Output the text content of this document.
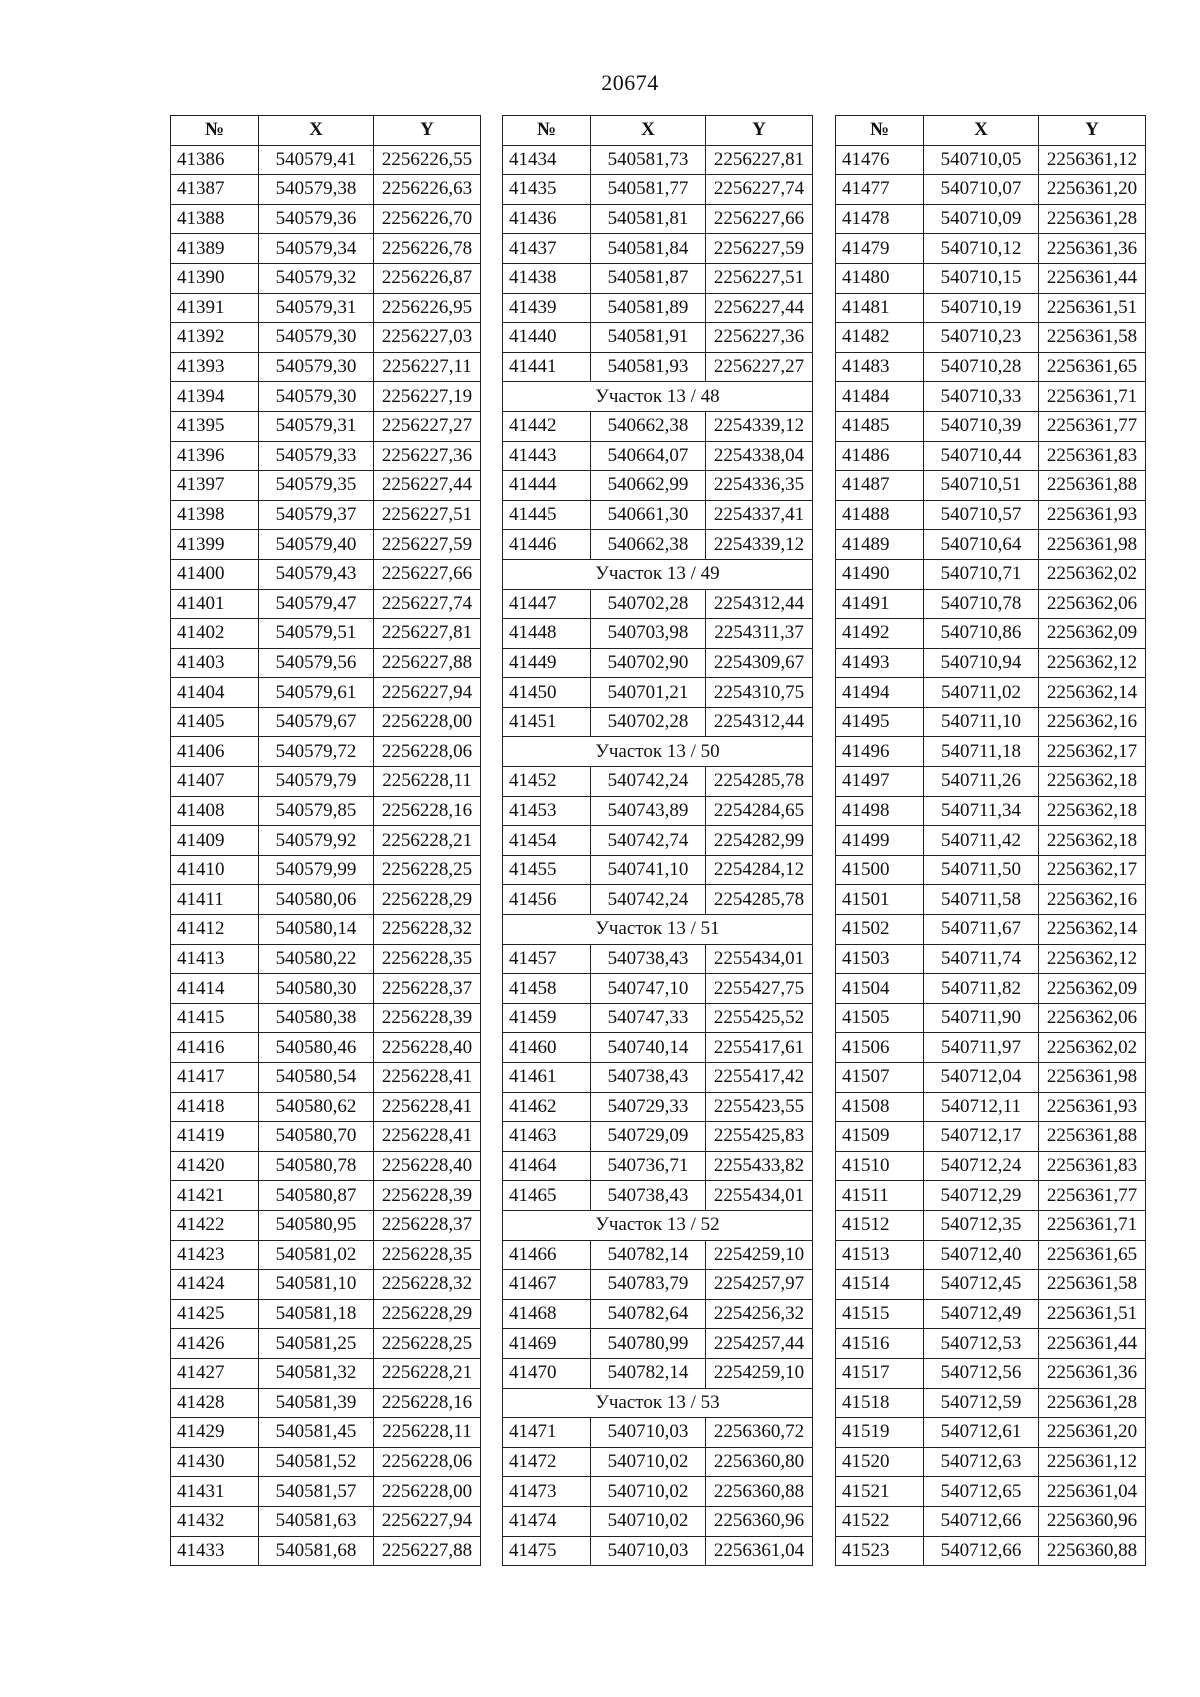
20674
№	X	Y
41386	540579,41	2256226,55
41387	540579,38	2256226,63
41388	540579,36	2256226,70
41389	540579,34	2256226,78
41390	540579,32	2256226,87
41391	540579,31	2256226,95
41392	540579,30	2256227,03
41393	540579,30	2256227,11
41394	540579,30	2256227,19
41395	540579,31	2256227,27
41396	540579,33	2256227,36
41397	540579,35	2256227,44
41398	540579,37	2256227,51
41399	540579,40	2256227,59
41400	540579,43	2256227,66
41401	540579,47	2256227,74
41402	540579,51	2256227,81
41403	540579,56	2256227,88
41404	540579,61	2256227,94
41405	540579,67	2256228,00
41406	540579,72	2256228,06
41407	540579,79	2256228,11
41408	540579,85	2256228,16
41409	540579,92	2256228,21
41410	540579,99	2256228,25
41411	540580,06	2256228,29
41412	540580,14	2256228,32
41413	540580,22	2256228,35
41414	540580,30	2256228,37
41415	540580,38	2256228,39
41416	540580,46	2256228,40
41417	540580,54	2256228,41
41418	540580,62	2256228,41
41419	540580,70	2256228,41
41420	540580,78	2256228,40
41421	540580,87	2256228,39
41422	540580,95	2256228,37
41423	540581,02	2256228,35
41424	540581,10	2256228,32
41425	540581,18	2256228,29
41426	540581,25	2256228,25
41427	540581,32	2256228,21
41428	540581,39	2256228,16
41429	540581,45	2256228,11
41430	540581,52	2256228,06
41431	540581,57	2256228,00
41432	540581,63	2256227,94
41433	540581,68	2256227,88
№	X	Y
41434	540581,73	2256227,81
41435	540581,77	2256227,74
41436	540581,81	2256227,66
41437	540581,84	2256227,59
41438	540581,87	2256227,51
41439	540581,89	2256227,44
41440	540581,91	2256227,36
41441	540581,93	2256227,27
Участок 13 / 48		
41442	540662,38	2254339,12
41443	540664,07	2254338,04
41444	540662,99	2254336,35
41445	540661,30	2254337,41
41446	540662,38	2254339,12
Участок 13 / 49		
41447	540702,28	2254312,44
41448	540703,98	2254311,37
41449	540702,90	2254309,67
41450	540701,21	2254310,75
41451	540702,28	2254312,44
Участок 13 / 50		
41452	540742,24	2254285,78
41453	540743,89	2254284,65
41454	540742,74	2254282,99
41455	540741,10	2254284,12
41456	540742,24	2254285,78
Участок 13 / 51		
41457	540738,43	2255434,01
41458	540747,10	2255427,75
41459	540747,33	2255425,52
41460	540740,14	2255417,61
41461	540738,43	2255417,42
41462	540729,33	2255423,55
41463	540729,09	2255425,83
41464	540736,71	2255433,82
41465	540738,43	2255434,01
Участок 13 / 52		
41466	540782,14	2254259,10
41467	540783,79	2254257,97
41468	540782,64	2254256,32
41469	540780,99	2254257,44
41470	540782,14	2254259,10
Участок 13 / 53		
41471	540710,03	2256360,72
41472	540710,02	2256360,80
41473	540710,02	2256360,88
41474	540710,02	2256360,96
41475	540710,03	2256361,04
№	X	Y
41476	540710,05	2256361,12
41477	540710,07	2256361,20
41478	540710,09	2256361,28
41479	540710,12	2256361,36
41480	540710,15	2256361,44
41481	540710,19	2256361,51
41482	540710,23	2256361,58
41483	540710,28	2256361,65
41484	540710,33	2256361,71
41485	540710,39	2256361,77
41486	540710,44	2256361,83
41487	540710,51	2256361,88
41488	540710,57	2256361,93
41489	540710,64	2256361,98
41490	540710,71	2256362,02
41491	540710,78	2256362,06
41492	540710,86	2256362,09
41493	540710,94	2256362,12
41494	540711,02	2256362,14
41495	540711,10	2256362,16
41496	540711,18	2256362,17
41497	540711,26	2256362,18
41498	540711,34	2256362,18
41499	540711,42	2256362,18
41500	540711,50	2256362,17
41501	540711,58	2256362,16
41502	540711,67	2256362,14
41503	540711,74	2256362,12
41504	540711,82	2256362,09
41505	540711,90	2256362,06
41506	540711,97	2256362,02
41507	540712,04	2256361,98
41508	540712,11	2256361,93
41509	540712,17	2256361,88
41510	540712,24	2256361,83
41511	540712,29	2256361,77
41512	540712,35	2256361,71
41513	540712,40	2256361,65
41514	540712,45	2256361,58
41515	540712,49	2256361,51
41516	540712,53	2256361,44
41517	540712,56	2256361,36
41518	540712,59	2256361,28
41519	540712,61	2256361,20
41520	540712,63	2256361,12
41521	540712,65	2256361,04
41522	540712,66	2256360,96
41523	540712,66	2256360,88
